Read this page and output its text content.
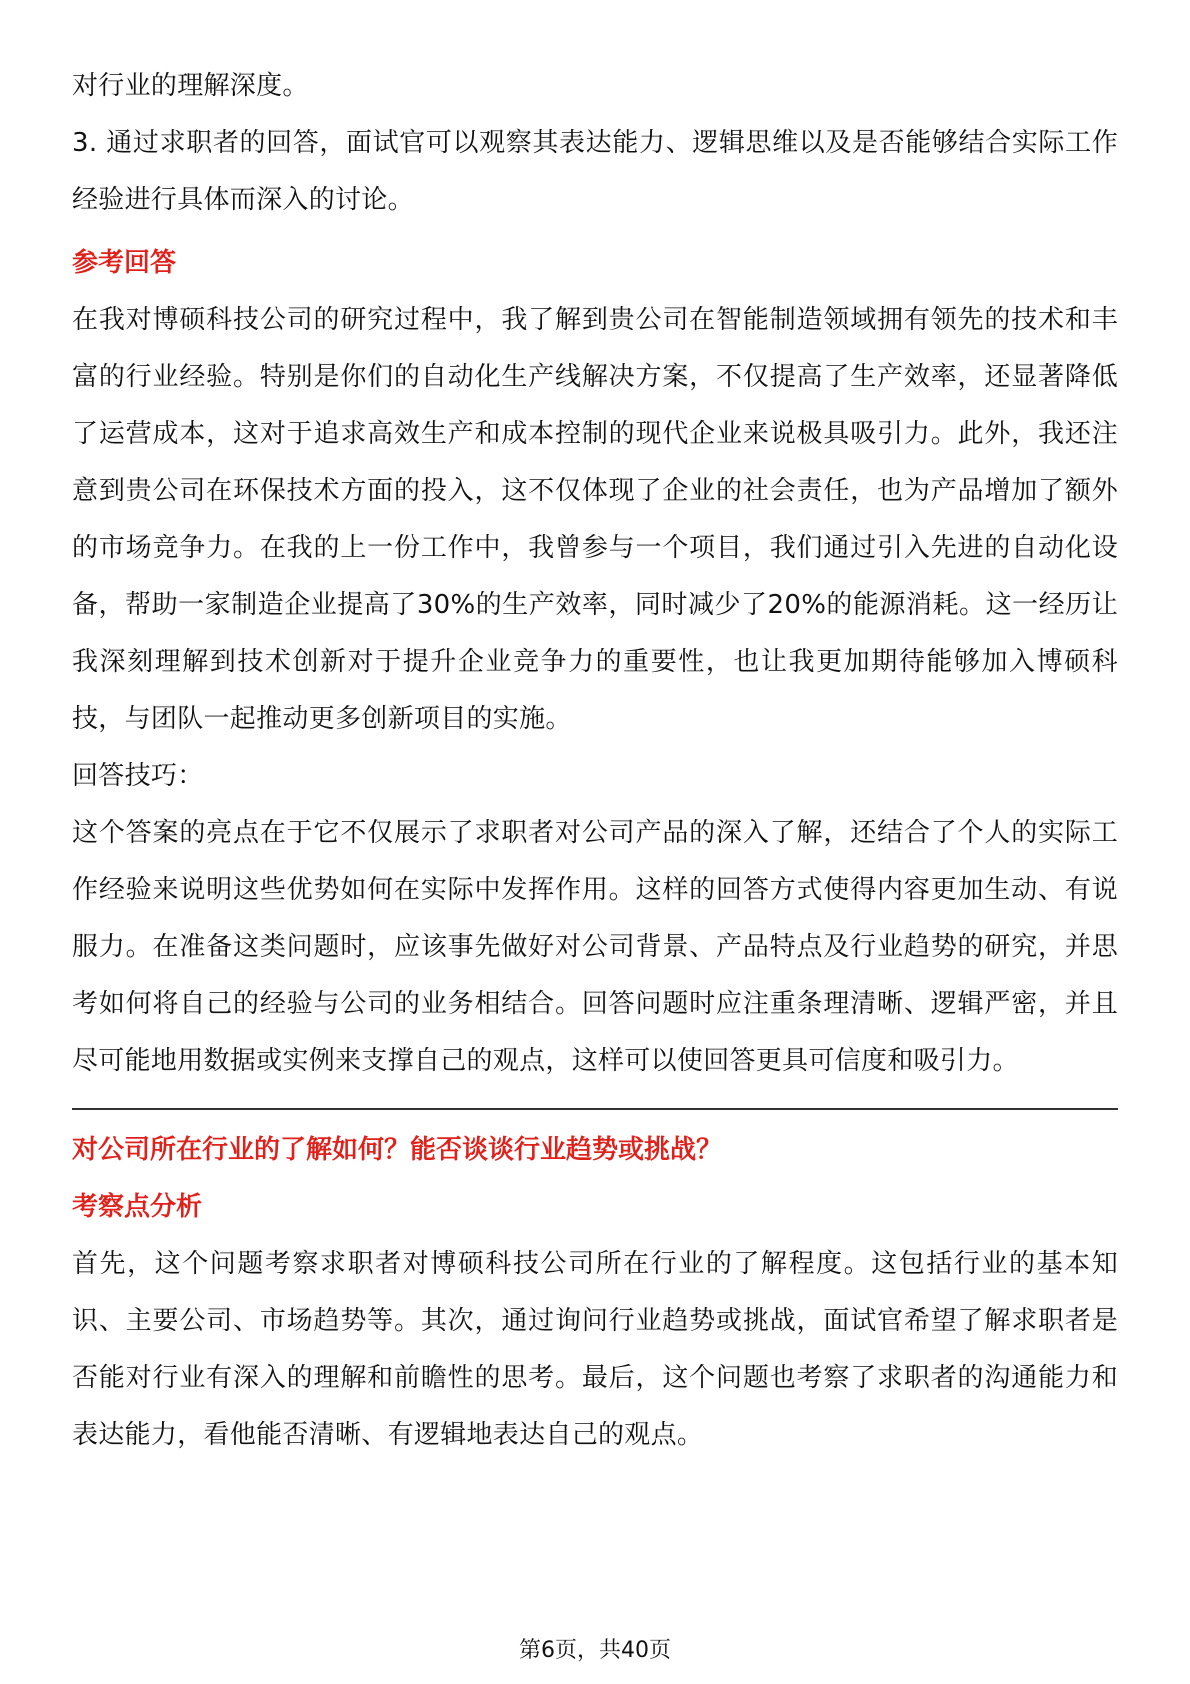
对行业的理解深度。

3. 通过求职者的回答，面试官可以观察其表达能力、逻辑思维以及是否能够结合实际工作经验进行具体而深入的讨论。

参考回答

在我对博硕科技公司的研究过程中，我了解到贵公司在智能制造领域拥有领先的技术和丰富的行业经验。特别是你们的自动化生产线解决方案，不仅提高了生产效率，还显著降低了运营成本，这对于追求高效生产和成本控制的现代企业来说极具吸引力。此外，我还注意到贵公司在环保技术方面的投入，这不仅体现了企业的社会责任，也为产品增加了额外的市场竞争力。在我的上一份工作中，我曾参与一个项目，我们通过引入先进的自动化设备，帮助一家制造企业提高了30%的生产效率，同时减少了20%的能源消耗。这一经历让我深刻理解到技术创新对于提升企业竞争力的重要性，也让我更加期待能够加入博硕科技，与团队一起推动更多创新项目的实施。

回答技巧：

这个答案的亮点在于它不仅展示了求职者对公司产品的深入了解，还结合了个人的实际工作经验来说明这些优势如何在实际中发挥作用。这样的回答方式使得内容更加生动、有说服力。在准备这类问题时，应该事先做好对公司背景、产品特点及行业趋势的研究，并思考如何将自己的经验与公司的业务相结合。回答问题时应注重条理清晰、逻辑严密，并且尽可能地用数据或实例来支撑自己的观点，这样可以使回答更具可信度和吸引力。

对公司所在行业的了解如何？能否谈谈行业趋势或挑战？

考察点分析

首先，这个问题考察求职者对博硕科技公司所在行业的了解程度。这包括行业的基本知识、主要公司、市场趋势等。其次，通过询问行业趋势或挑战，面试官希望了解求职者是否能对行业有深入的理解和前瞻性的思考。最后，这个问题也考察了求职者的沟通能力和表达能力，看他能否清晰、有逻辑地表达自己的观点。

第6页，共40页
